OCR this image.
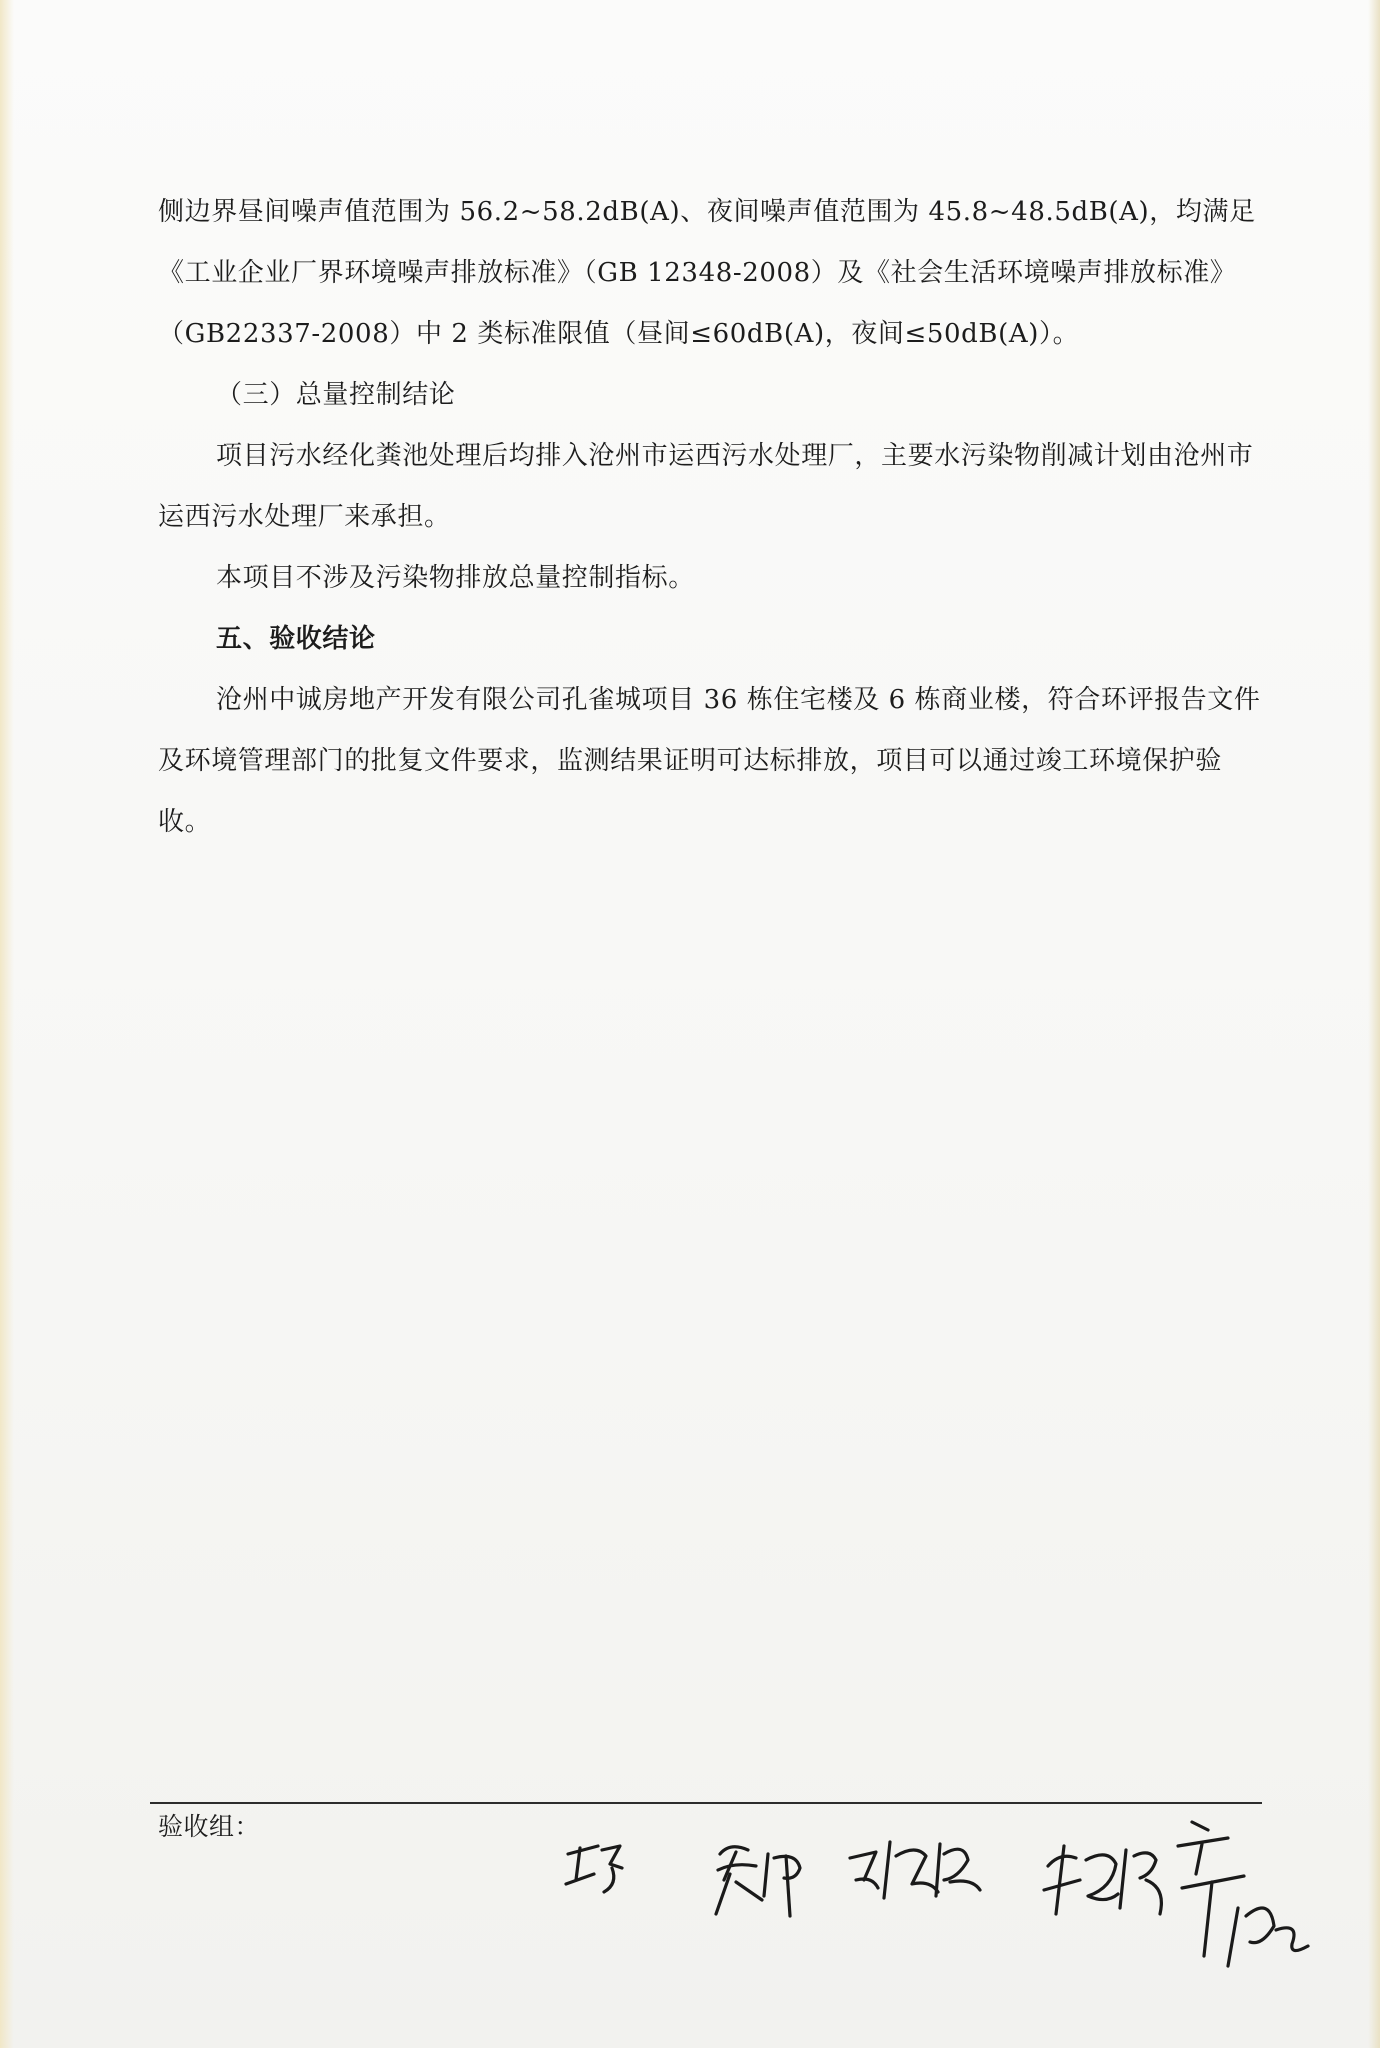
侧边界昼间噪声值范围为 56.2~58.2dB(A)、夜间噪声值范围为 45.8~48.5dB(A)，均满足《工业企业厂界环境噪声排放标准》（GB 12348-2008）及《社会生活环境噪声排放标准》（GB22337-2008）中 2 类标准限值（昼间≤60dB(A)，夜间≤50dB(A)）。

（三）总量控制结论

项目污水经化粪池处理后均排入沧州市运西污水处理厂，主要水污染物削减计划由沧州市运西污水处理厂来承担。

本项目不涉及污染物排放总量控制指标。

五、验收结论

沧州中诚房地产开发有限公司孔雀城项目 36 栋住宅楼及 6 栋商业楼，符合环评报告文件及环境管理部门的批复文件要求，监测结果证明可达标排放，项目可以通过竣工环境保护验收。

验收组：
